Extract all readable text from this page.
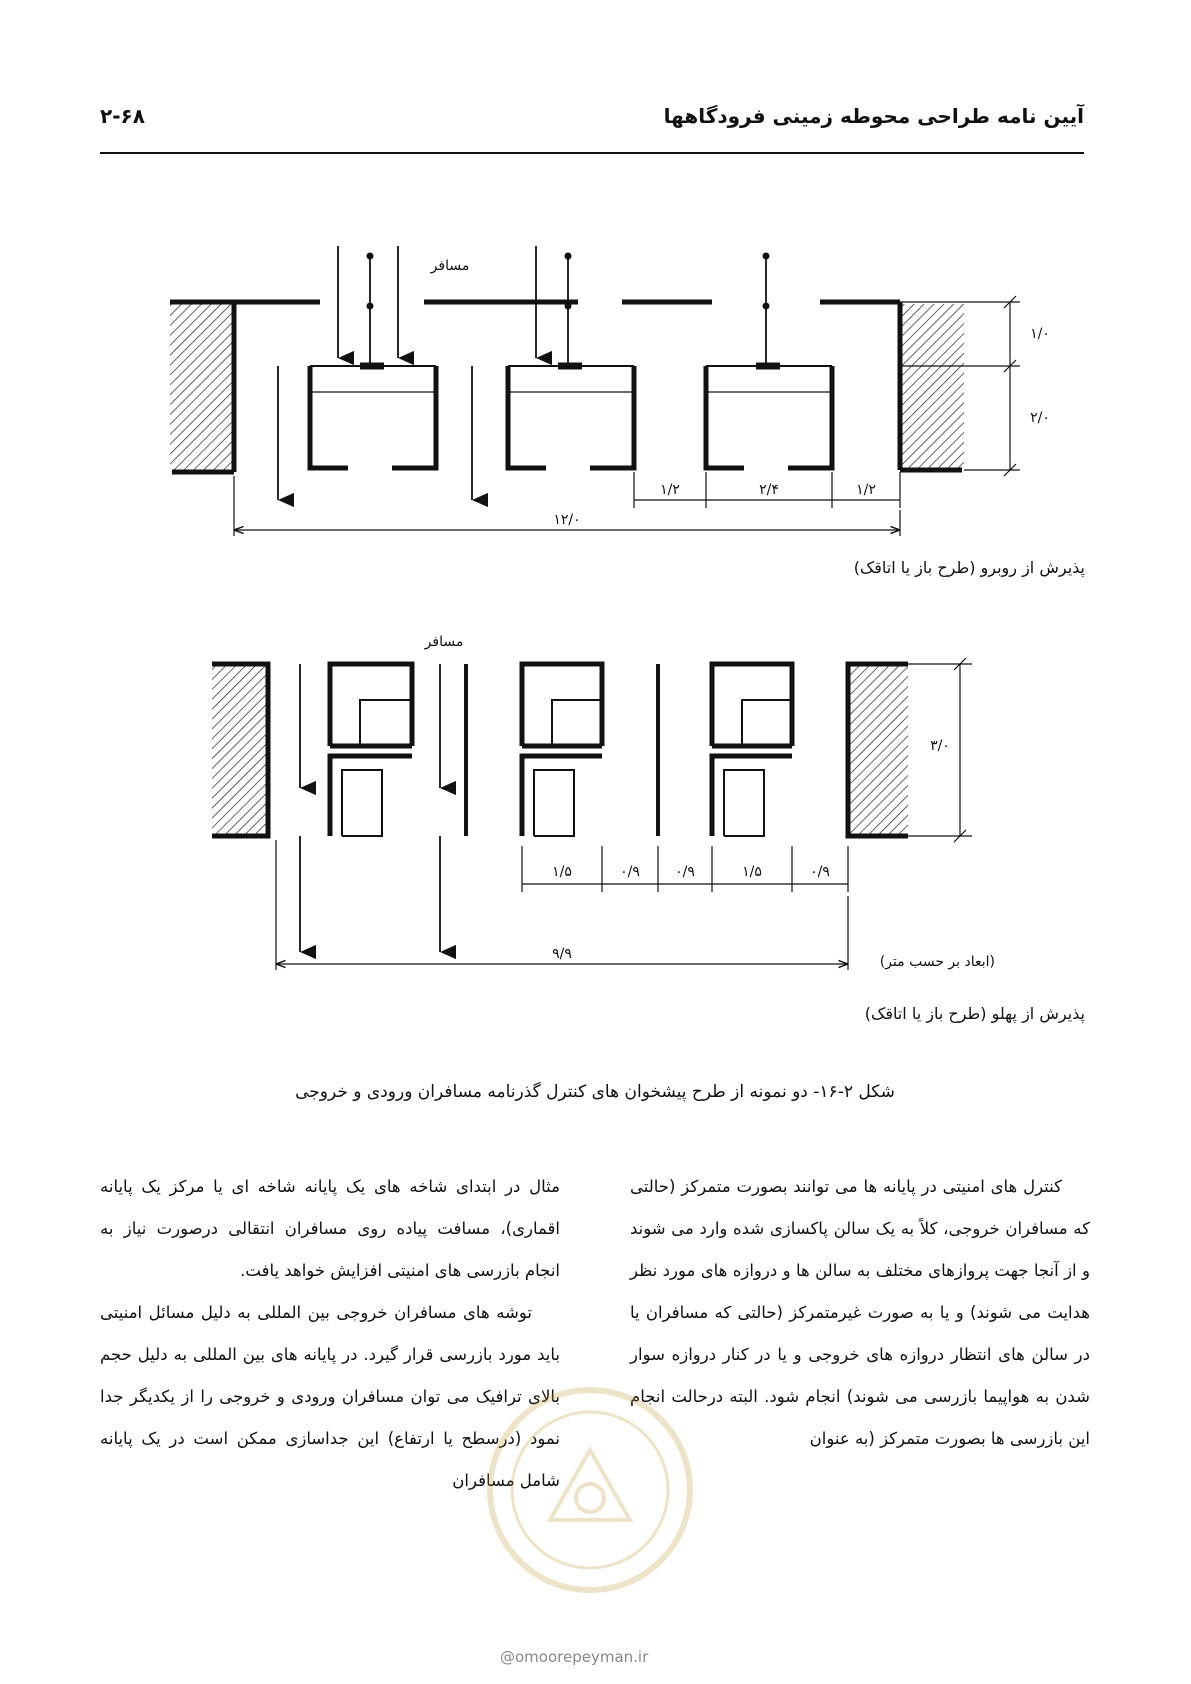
آیین نامه طراحی محوطه زمینی فرودگاهها
۲-۶۸
مسافر
۱/۰
۲/۰
۱/۲	۲/۴	۱/۲
۱۲/۰
مسافر
۳/۰
۱/۵	۰/۹	۰/۹	۱/۵	۰/۹
۹/۹
پذیرش از روبرو (طرح باز یا اتاقک)
(ابعاد بر حسب متر)
پذیرش از پهلو (طرح باز یا اتاقک)
شکل ۲-۱۶- دو نمونه از طرح پیشخوان های کنترل گذرنامه مسافران ورودی و خروجی

کنترل های امنیتی در پایانه ها می توانند بصورت متمرکز (حالتی که مسافران خروجی، کلاً به یک سالن پاکسازی شده وارد می شوند و از آنجا جهت پروازهای مختلف به سالن ها و دروازه های مورد نظر هدایت می شوند) و یا به صورت غیرمتمرکز (حالتی که مسافران یا در سالن های انتظار دروازه های خروجی و یا در کنار دروازه سوار شدن به هواپیما بازرسی می شوند) انجام شود. البته درحالت انجام این بازرسی ها بصورت متمرکز (به عنوان

مثال در ابتدای شاخه های یک پایانه شاخه ای یا مرکز یک پایانه اقماری)، مسافت پیاده روی مسافران انتقالی درصورت نیاز به انجام بازرسی های امنیتی افزایش خواهد یافت.

توشه های مسافران خروجی بین المللی به دلیل مسائل امنیتی باید مورد بازرسی قرار گیرد. در پایانه های بین المللی به دلیل حجم بالای ترافیک می توان مسافران ورودی و خروجی را از یکدیگر جدا نمود (درسطح یا ارتفاع) این جداسازی ممکن است در یک پایانه شامل مسافران

@omoorepeyman.ir
